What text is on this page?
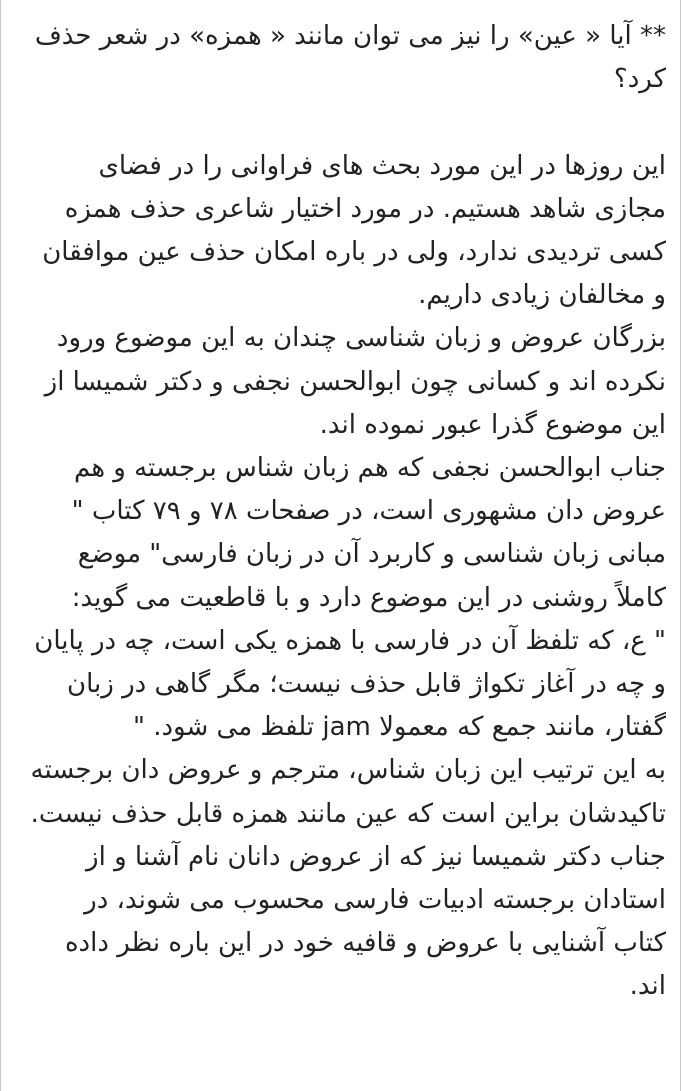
** آیا « عین» را نیز می توان مانند « همزه» در شعر حذف کرد؟

این روزها در این مورد بحث های فراوانی را در فضای مجازی شاهد هستیم. در مورد اختیار شاعری حذف همزه کسی تردیدی ندارد، ولی در باره امکان حذف عین موافقان و مخالفان زیادی داریم.

بزرگان عروض و زبان شناسی چندان به این موضوع ورود نکرده اند و کسانی چون ابوالحسن نجفی و دکتر شمیسا از این موضوع گذرا عبور نموده اند.

جناب ابوالحسن نجفی که هم زبان شناس برجسته و هم عروض دان مشهوری است، در صفحات ۷۸ و ۷۹ کتاب " مبانی زبان شناسی و کاربرد آن در زبان فارسی" موضع کاملاً روشنی در این موضوع دارد و با قاطعیت می گوید:

" ع، که تلفظ آن در فارسی با همزه یکی است، چه در پایان و چه در آغاز تکواژ قابل حذف نیست؛ مگر گاهی در زبان گفتار، مانند جمع که معمولا jam تلفظ می شود. "

به این ترتیب این زبان شناس، مترجم و عروض دان برجسته تاکیدشان براین است که عین مانند همزه قابل حذف نیست.

جناب دکتر شمیسا نیز که از عروض دانان نام آشنا و از استادان برجسته ادبیات فارسی محسوب می شوند، در کتاب آشنایی با عروض و قافیه خود در این باره نظر داده اند.
